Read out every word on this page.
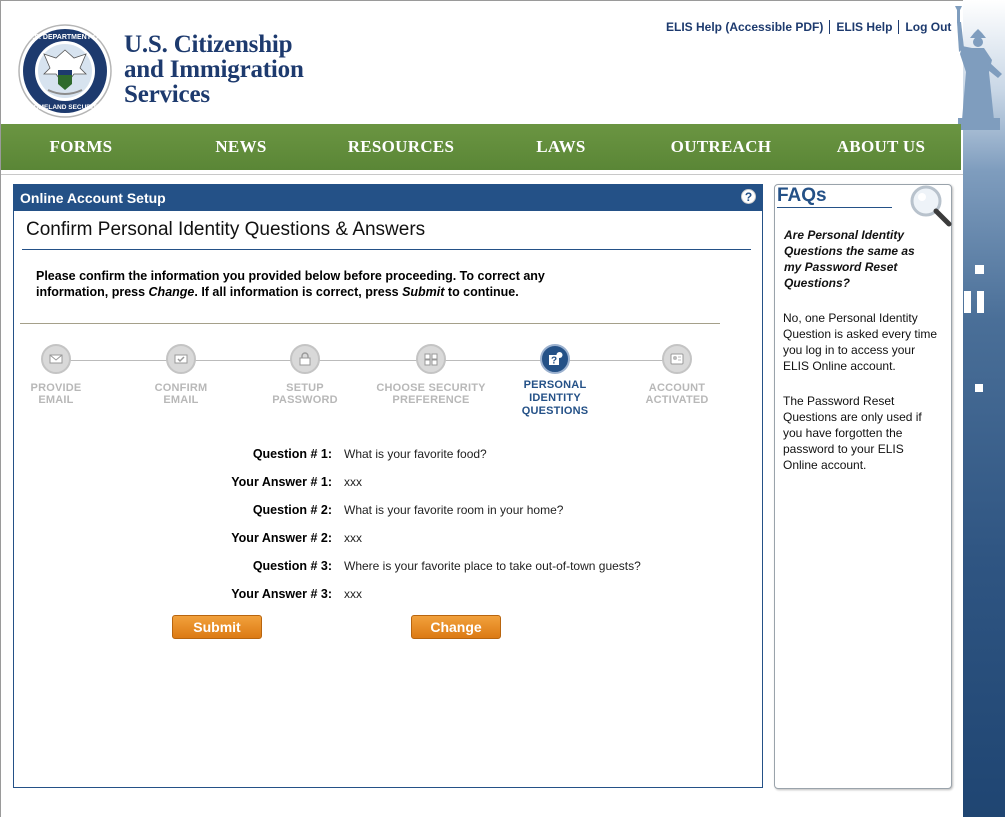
U.S. DEPARTMENT OF
HOMELAND SECURITY
U.S. Citizenship
and Immigration
Services
ELIS Help (Accessible PDF)	ELIS Help	Log Out
FORMS	NEWS	RESOURCES	LAWS	OUTREACH	ABOUT US
Online Account Setup	?
Confirm Personal Identity Questions & Answers
Please confirm the information you provided below before proceeding. To correct any information, press Change. If all information is correct, press Submit to continue.
PROVIDE
EMAIL
CONFIRM
EMAIL
SETUP
PASSWORD
CHOOSE SECURITY
PREFERENCE
?
PERSONAL
IDENTITY
QUESTIONS
ACCOUNT
ACTIVATED
Question # 1: What is your favorite food?
Your Answer # 1: xxx
Question # 2: What is your favorite room in your home?
Your Answer # 2: xxx
Question # 3: Where is your favorite place to take out-of-town guests?
Your Answer # 3: xxx
Submit	Change
FAQs
Are Personal Identity Questions the same as my Password Reset Questions?
No, one Personal Identity Question is asked every time you log in to access your ELIS Online account.
The Password Reset Questions are only used if you have forgotten the password to your ELIS Online account.
